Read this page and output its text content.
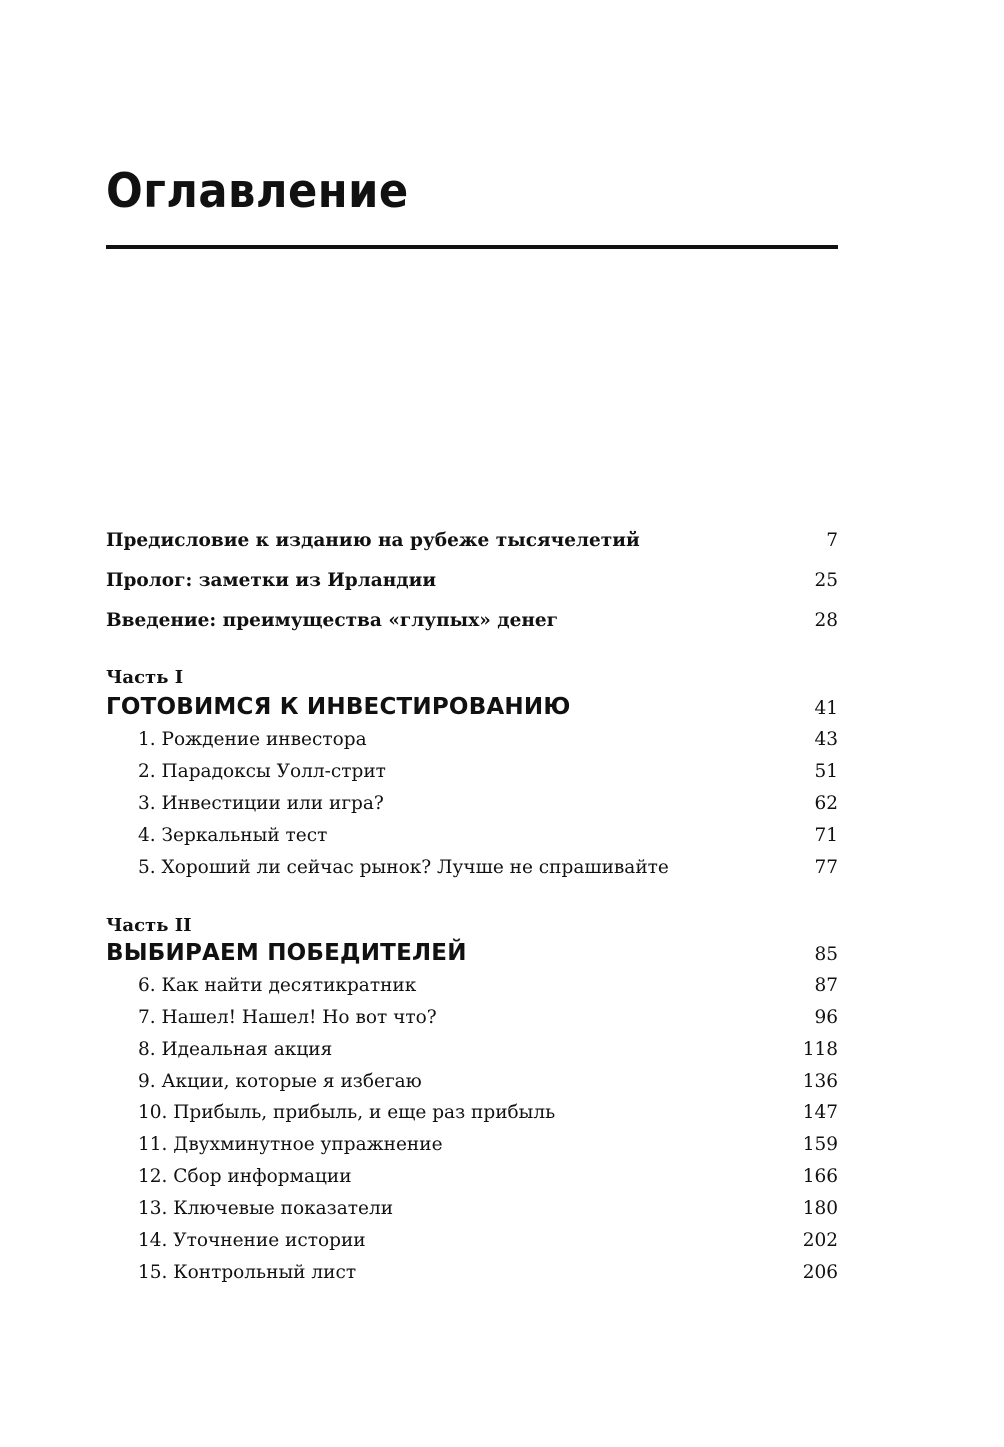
Оглавление
Предисловие к изданию на рубеже тысячелетий	7
Пролог: заметки из Ирландии	25
Введение: преимущества «глупых» денег	28
Часть I
ГОТОВИМСЯ К ИНВЕСТИРОВАНИЮ	41
1. Рождение инвестора	43
2. Парадоксы Уолл-стрит	51
3. Инвестиции или игра?	62
4. Зеркальный тест	71
5. Хороший ли сейчас рынок? Лучше не спрашивайте	77
Часть II
ВЫБИРАЕМ ПОБЕДИТЕЛЕЙ	85
6. Как найти десятикратник	87
7. Нашел! Нашел! Но вот что?	96
8. Идеальная акция	118
9. Акции, которые я избегаю	136
10. Прибыль, прибыль, и еще раз прибыль	147
11. Двухминутное упражнение	159
12. Сбор информации	166
13. Ключевые показатели	180
14. Уточнение истории	202
15. Контрольный лист	206
